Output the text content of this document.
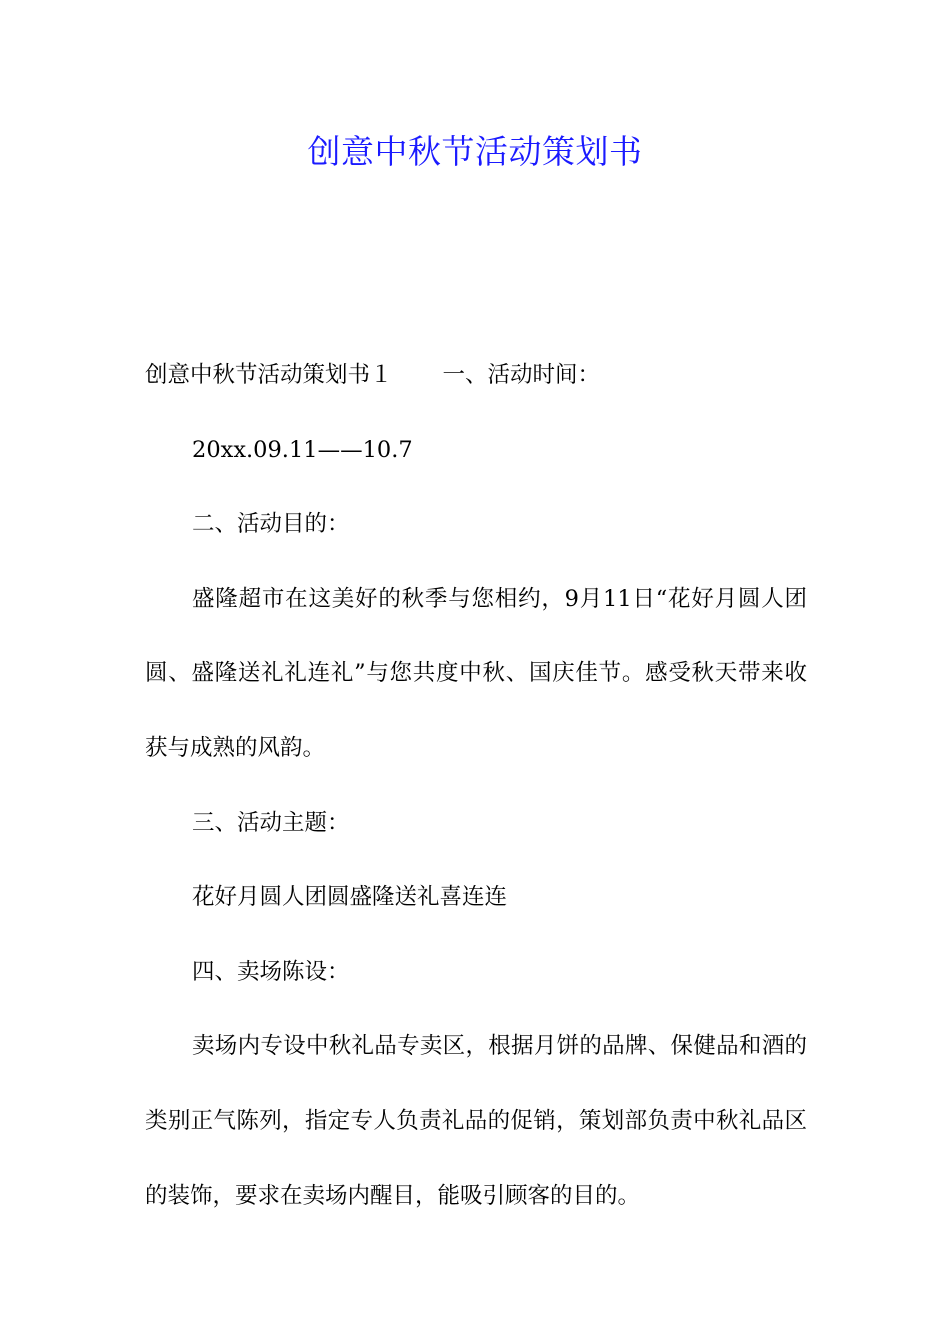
创意中秋节活动策划书

创意中秋节活动策划书１ 一、活动时间：

20xx.09.11——10.7

二、活动目的：

盛隆超市在这美好的秋季与您相约，9月11日“花好月圆人团圆、盛隆送礼礼连礼”与您共度中秋、国庆佳节。感受秋天带来收获与成熟的风韵。

三、活动主题：

花好月圆人团圆盛隆送礼喜连连

四、卖场陈设：

卖场内专设中秋礼品专卖区，根据月饼的品牌、保健品和酒的类别正气陈列，指定专人负责礼品的促销，策划部负责中秋礼品区的装饰，要求在卖场内醒目，能吸引顾客的目的。
